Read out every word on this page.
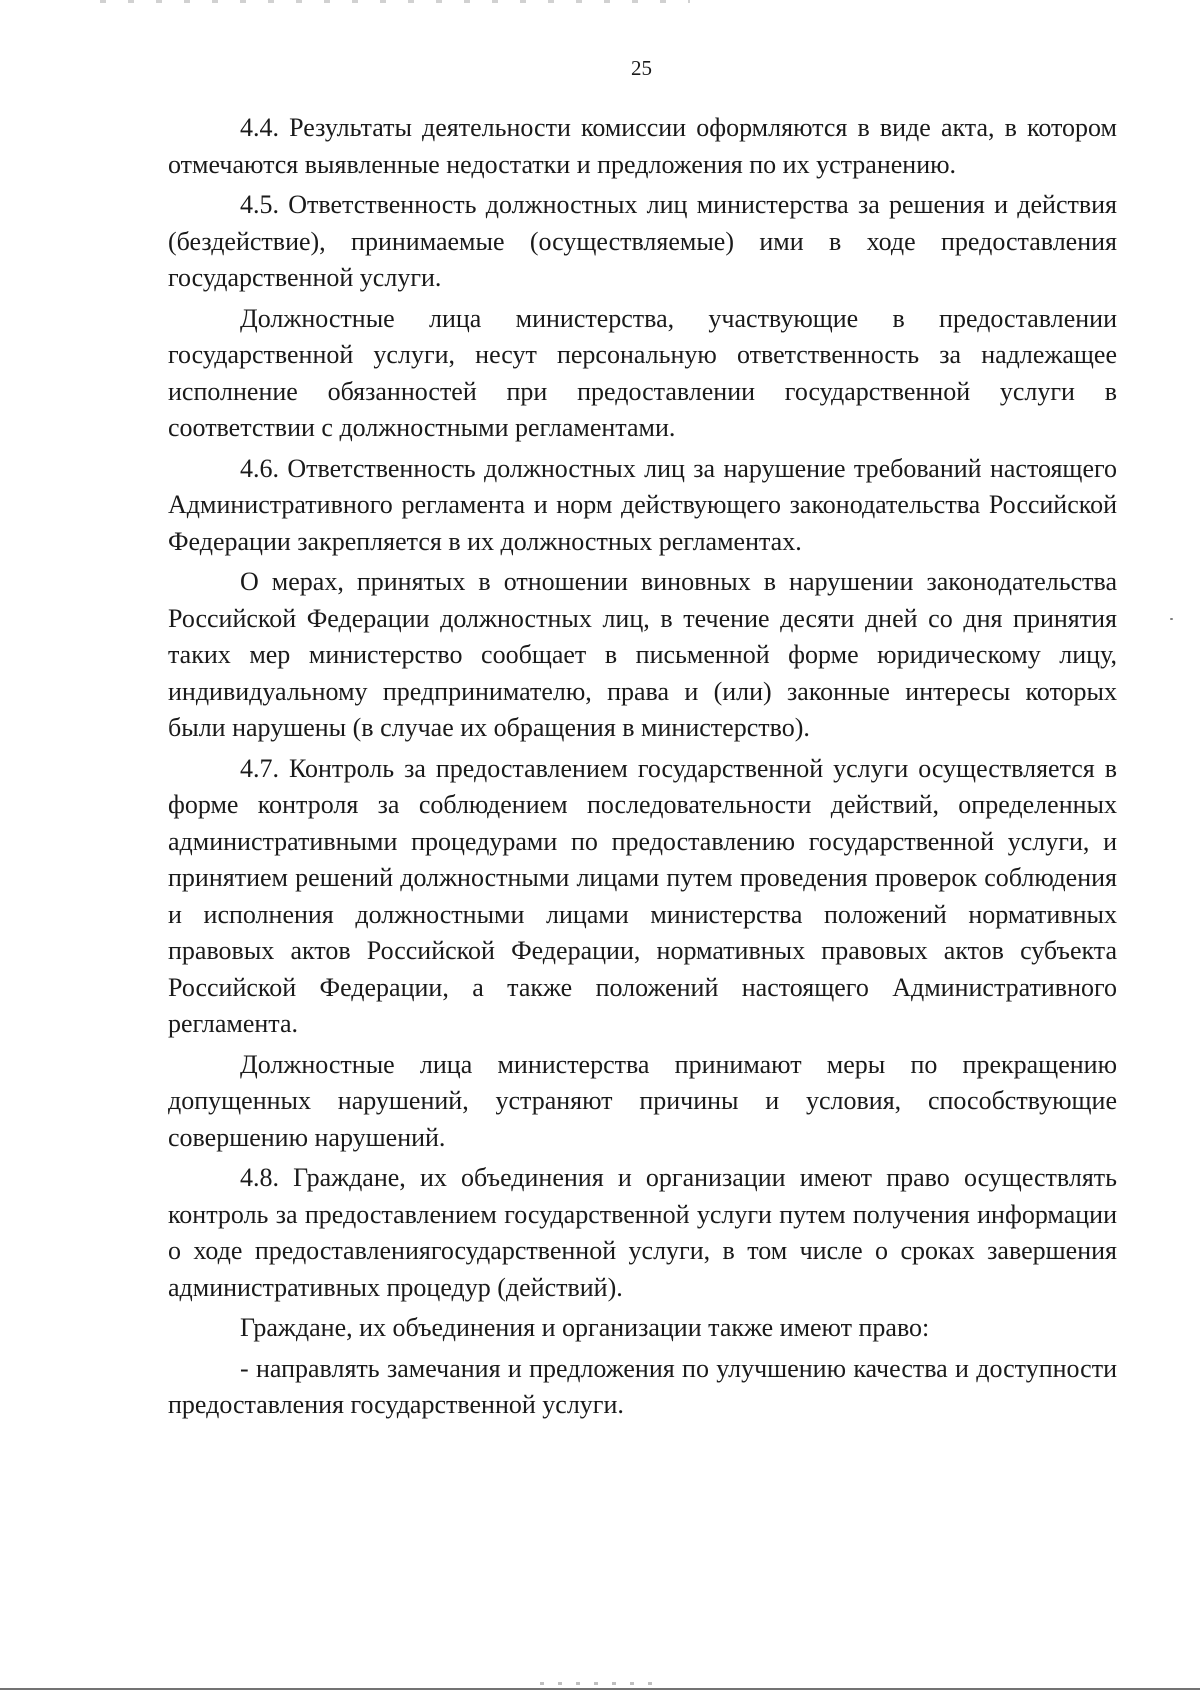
25

4.4. Результаты деятельности комиссии оформляются в виде акта, в котором отмечаются выявленные недостатки и предложения по их устранению.

4.5. Ответственность должностных лиц министерства за решения и действия (бездействие), принимаемые (осуществляемые) ими в ходе предоставления государственной услуги.

Должностные лица министерства, участвующие в предоставлении государственной услуги, несут персональную ответственность за надлежащее исполнение обязанностей при предоставлении государственной услуги в соответствии с должностными регламентами.

4.6. Ответственность должностных лиц за нарушение требований настоящего Административного регламента и норм действующего законодательства Российской Федерации закрепляется в их должностных регламентах.

О мерах, принятых в отношении виновных в нарушении законодательства Российской Федерации должностных лиц, в течение десяти дней со дня принятия таких мер министерство сообщает в письменной форме юридическому лицу, индивидуальному предпринимателю, права и (или) законные интересы которых были нарушены (в случае их обращения в министерство).

4.7. Контроль за предоставлением государственной услуги осуществляется в форме контроля за соблюдением последовательности действий, определенных административными процедурами по предоставлению государственной услуги, и принятием решений должностными лицами путем проведения проверок соблюдения и исполнения должностными лицами министерства положений нормативных правовых актов Российской Федерации, нормативных правовых актов субъекта Российской Федерации, а также положений настоящего Административного регламента.

Должностные лица министерства принимают меры по прекращению допущенных нарушений, устраняют причины и условия, способствующие совершению нарушений.

4.8. Граждане, их объединения и организации имеют право осуществлять контроль за предоставлением государственной услуги путем получения информации о ходе предоставлениягосударственной услуги, в том числе о сроках завершения административных процедур (действий).

Граждане, их объединения и организации также имеют право:

- направлять замечания и предложения по улучшению качества и доступности предоставления государственной услуги.
